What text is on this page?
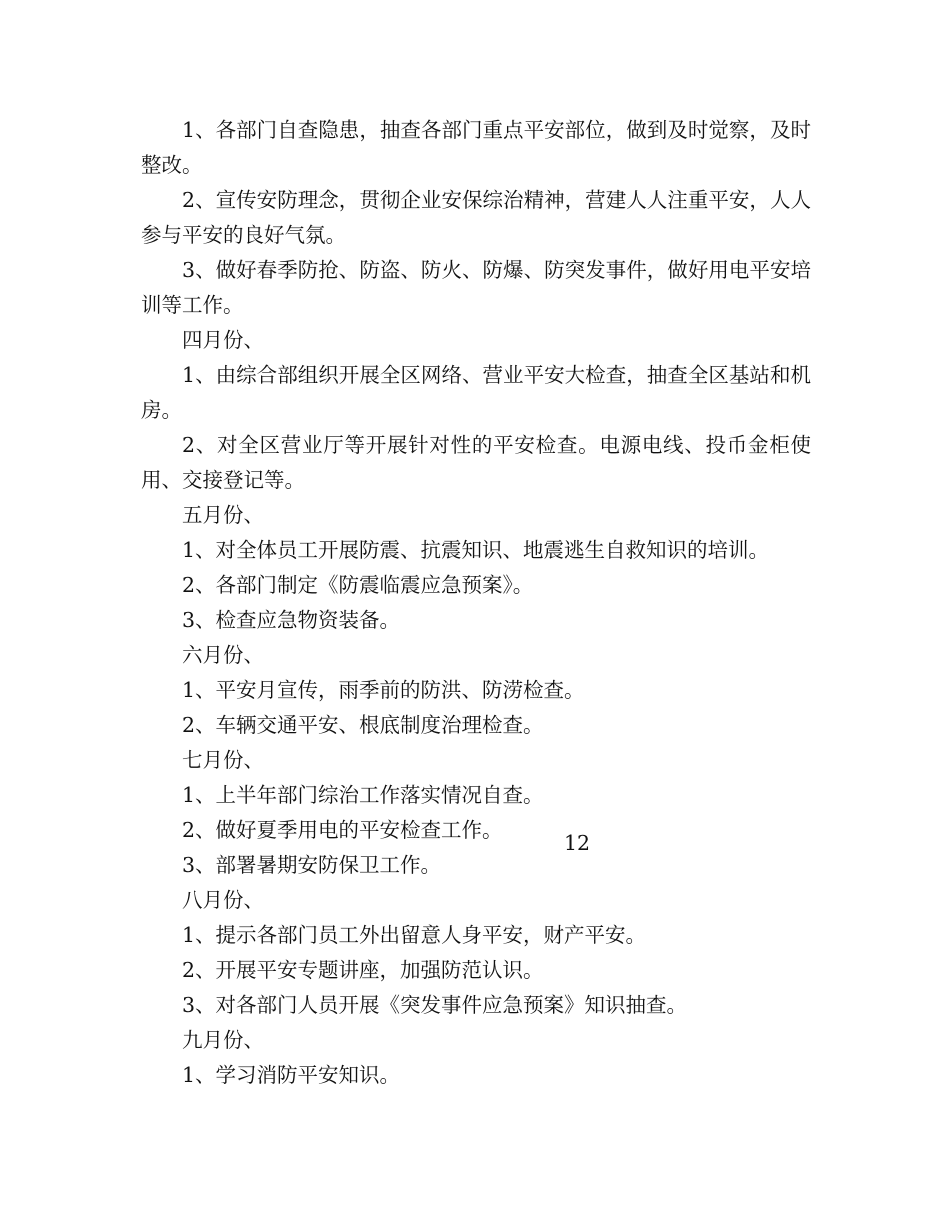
1、各部门自查隐患，抽查各部门重点平安部位，做到及时觉察，及时整改。

2、宣传安防理念，贯彻企业安保综治精神，营建人人注重平安，人人参与平安的良好气氛。

3、做好春季防抢、防盗、防火、防爆、防突发事件，做好用电平安培训等工作。

四月份、

1、由综合部组织开展全区网络、营业平安大检查，抽查全区基站和机房。

2、对全区营业厅等开展针对性的平安检查。电源电线、投币金柜使用、交接登记等。

五月份、

1、对全体员工开展防震、抗震知识、地震逃生自救知识的培训。

2、各部门制定《防震临震应急预案》。

3、检查应急物资装备。

六月份、

1、平安月宣传，雨季前的防洪、防涝检查。

2、车辆交通平安、根底制度治理检查。

七月份、

1、上半年部门综治工作落实情况自查。

2、做好夏季用电的平安检查工作。

3、部署暑期安防保卫工作。

八月份、

1、提示各部门员工外出留意人身平安，财产平安。

2、开展平安专题讲座，加强防范认识。

3、对各部门人员开展《突发事件应急预案》知识抽查。

九月份、

1、学习消防平安知识。

12
